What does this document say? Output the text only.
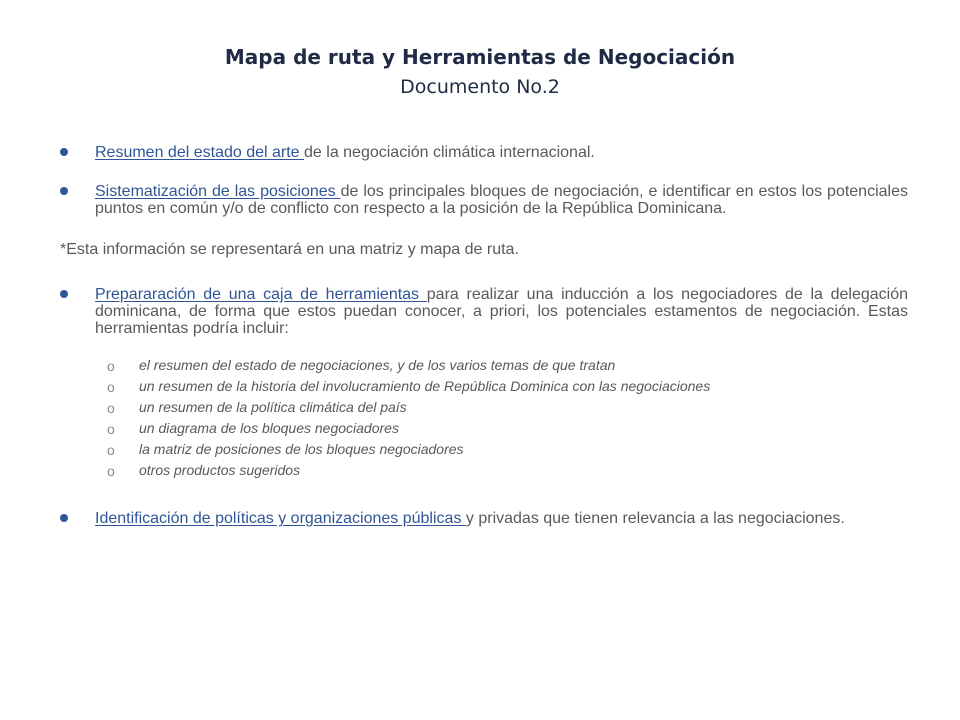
Mapa de ruta y Herramientas de Negociación
Documento No.2
Resumen del estado del arte de la negociación climática internacional.
Sistematización de las posiciones de los principales bloques de negociación, e identificar en estos los potenciales puntos en común y/o de conflicto con respecto a la posición de la República Dominicana.
*Esta información se representará en una matriz y mapa de ruta.
Prepararación de una caja de herramientas para realizar una inducción a los negociadores de la delegación dominicana, de forma que estos puedan conocer, a priori, los potenciales estamentos de negociación. Estas herramientas podría incluir:
o el resumen del estado de negociaciones, y de los varios temas de que tratan
o un resumen de la historia del involucramiento de República Dominica con las negociaciones
o un resumen de la política climática del país
o un diagrama de los bloques negociadores
o la matriz de posiciones de los bloques negociadores
o otros productos sugeridos
Identificación de políticas y organizaciones públicas y privadas que tienen relevancia a las negociaciones.
